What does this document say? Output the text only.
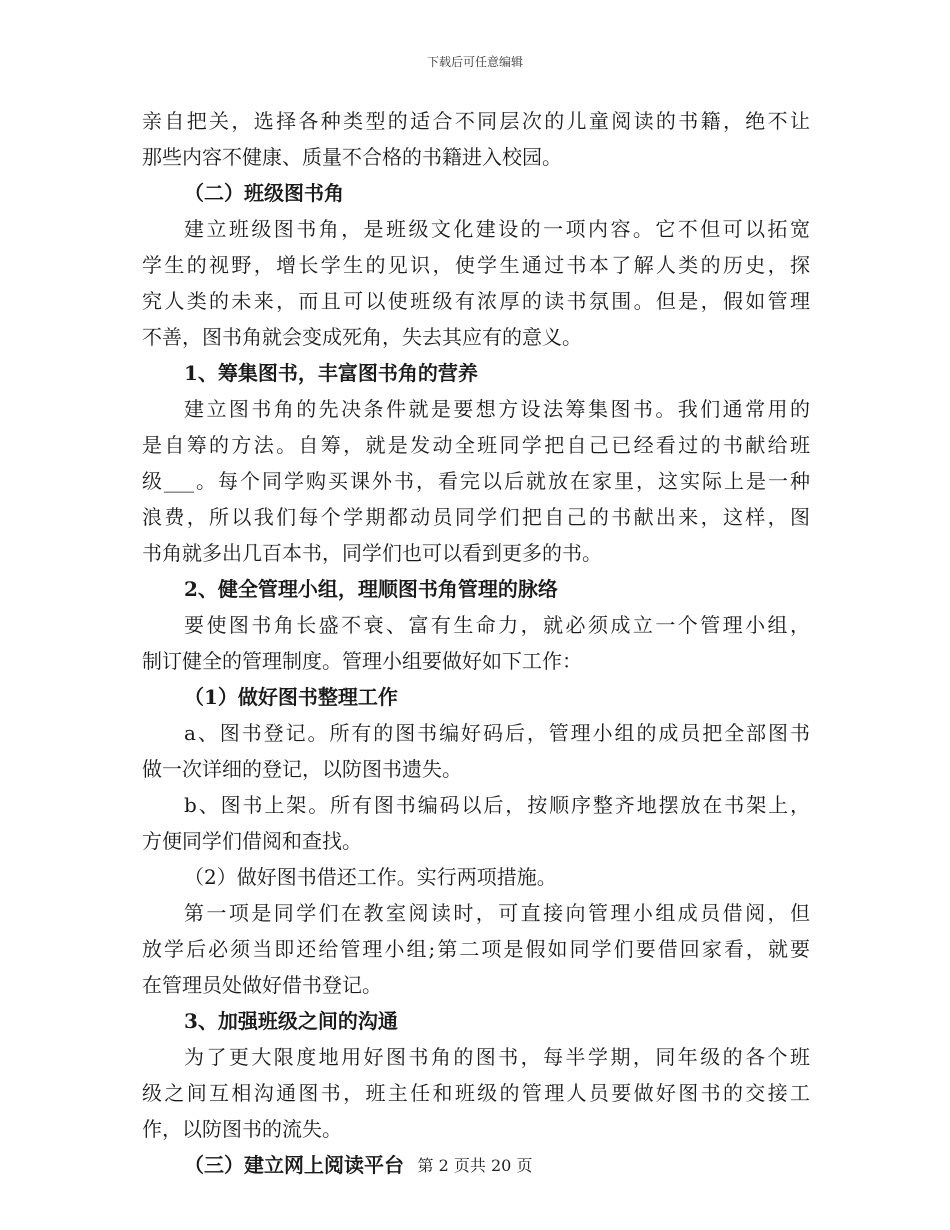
下载后可任意编辑
亲自把关，选择各种类型的适合不同层次的儿童阅读的书籍，绝不让
那些内容不健康、质量不合格的书籍进入校园。
（二）班级图书角
建立班级图书角，是班级文化建设的一项内容。它不但可以拓宽
学生的视野，增长学生的见识，使学生通过书本了解人类的历史，探
究人类的未来，而且可以使班级有浓厚的读书氛围。但是，假如管理
不善，图书角就会变成死角，失去其应有的意义。
1、筹集图书，丰富图书角的营养
建立图书角的先决条件就是要想方设法筹集图书。我们通常用的
是自筹的方法。自筹，就是发动全班同学把自己已经看过的书献给班
级___。每个同学购买课外书，看完以后就放在家里，这实际上是一种
浪费，所以我们每个学期都动员同学们把自己的书献出来，这样，图
书角就多出几百本书，同学们也可以看到更多的书。
2、健全管理小组，理顺图书角管理的脉络
要使图书角长盛不衰、富有生命力，就必须成立一个管理小组，
制订健全的管理制度。管理小组要做好如下工作：
（1）做好图书整理工作
a、图书登记。所有的图书编好码后，管理小组的成员把全部图书
做一次详细的登记，以防图书遗失。
b、图书上架。所有图书编码以后，按顺序整齐地摆放在书架上，
方便同学们借阅和查找。
（2）做好图书借还工作。实行两项措施。
第一项是同学们在教室阅读时，可直接向管理小组成员借阅，但
放学后必须当即还给管理小组;第二项是假如同学们要借回家看，就要
在管理员处做好借书登记。
3、加强班级之间的沟通
为了更大限度地用好图书角的图书，每半学期，同年级的各个班
级之间互相沟通图书，班主任和班级的管理人员要做好图书的交接工
作，以防图书的流失。
（三）建立网上阅读平台 第 2 页共 20 页
